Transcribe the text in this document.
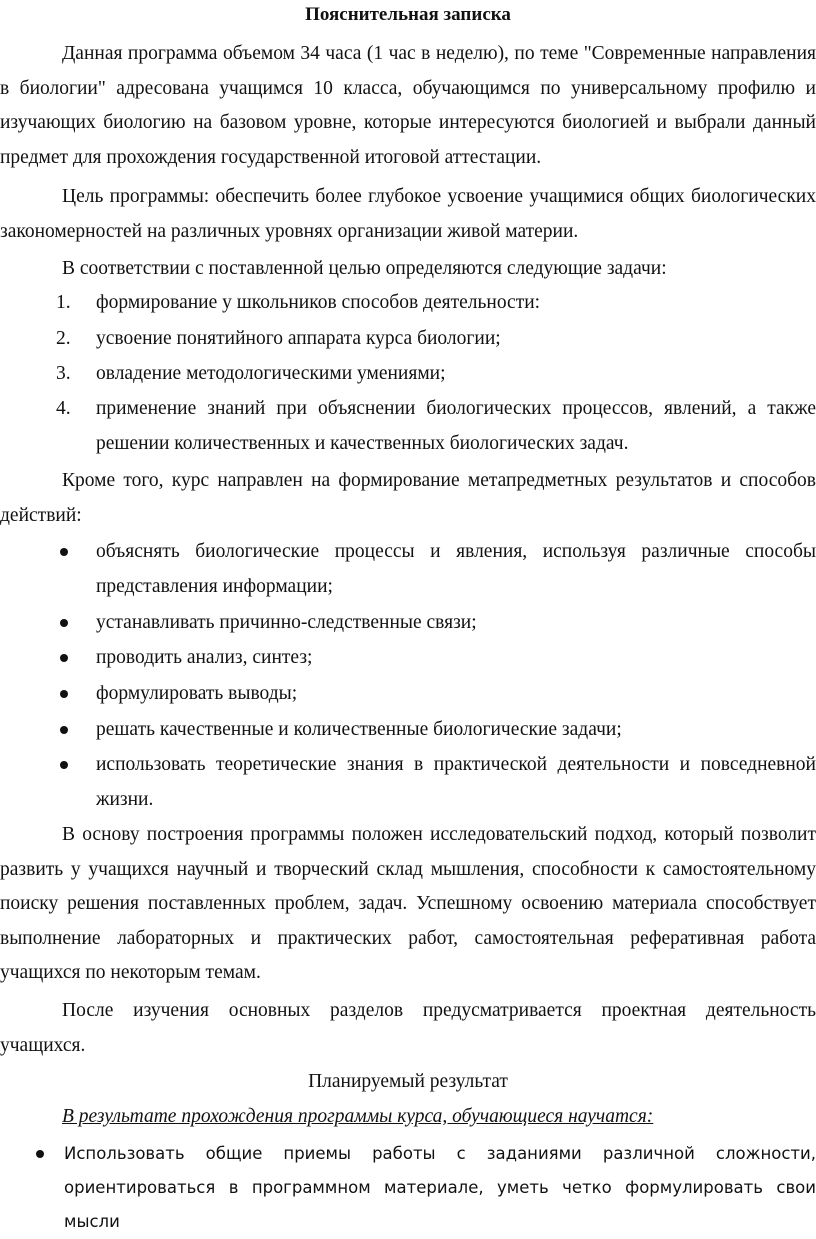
Пояснительная записка

Данная программа объемом 34 часа (1 час в неделю), по теме "Современные направления в биологии" адресована учащимся 10 класса, обучающимся по универсальному профилю и изучающих биологию на базовом уровне, которые интересуются биологией и выбрали данный предмет для прохождения государственной итоговой аттестации.

Цель программы: обеспечить более глубокое усвоение учащимися общих биологических закономерностей на различных уровнях организации живой материи.

В соответствии с поставленной целью определяются следующие задачи:

1.	формирование у школьников способов деятельности:
2.	усвоение понятийного аппарата курса биологии;
3.	овладение методологическими умениями;
4.	применение знаний при объяснении биологических процессов, явлений, а также решении количественных и качественных биологических задач.

Кроме того, курс направлен на формирование метапредметных результатов и способов действий:

объяснять биологические процессы и явления, используя различные способы представления информации;
устанавливать причинно-следственные связи;
проводить анализ, синтез;
формулировать выводы;
решать качественные и количественные биологические задачи;
использовать теоретические знания в практической деятельности и повседневной жизни.

В основу построения программы положен исследовательский подход, который позволит развить у учащихся научный и творческий склад мышления, способности к самостоятельному поиску решения поставленных проблем, задач. Успешному освоению материала способствует выполнение лабораторных и практических работ, самостоятельная реферативная работа учащихся по некоторым темам.

После изучения основных разделов предусматривается проектная деятельность учащихся.

Планируемый результат
В результате прохождения программы курса, обучающиеся научатся:
Использовать общие приемы работы с заданиями различной сложности, ориентироваться в программном материале, уметь четко формулировать свои мысли
